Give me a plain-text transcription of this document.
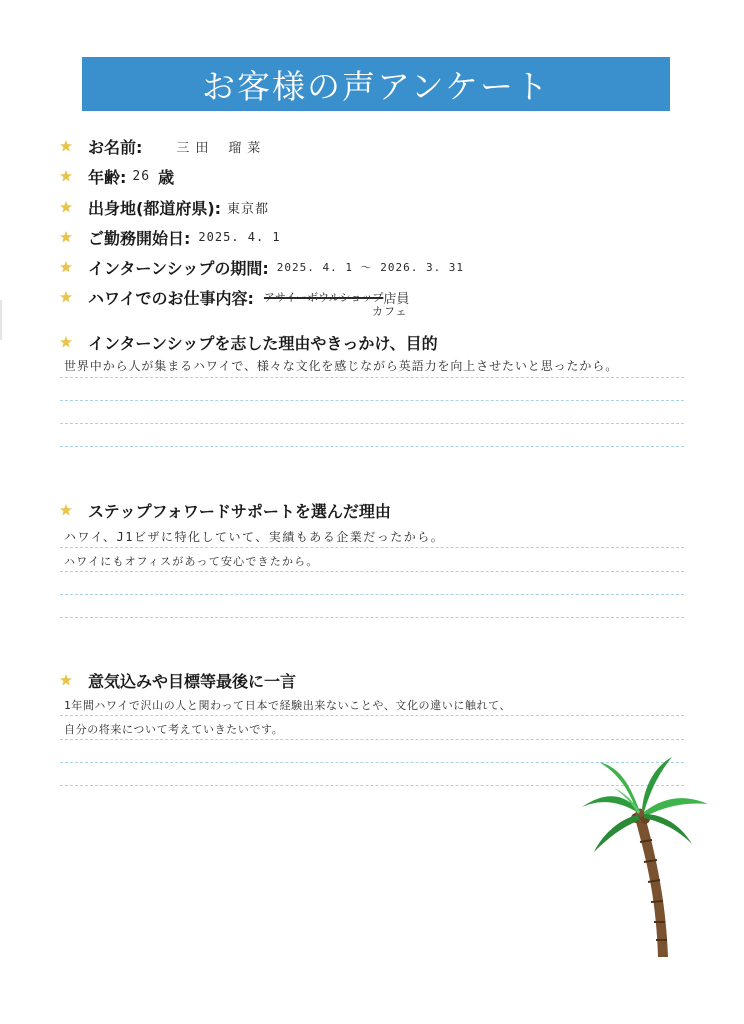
お客様の声アンケート
お名前:	三田 瑠菜
年齢: 26 歳
出身地(都道府県): 東京都
ご勤務開始日: 2025. 4. 1
インターンシップの期間: 2025. 4. 1 〜 2026. 3. 31
ハワイでのお仕事内容: アサイーボウルショップ 店員
カフェ
インターンシップを志した理由やきっかけ、目的
世界中から人が集まるハワイで、様々な文化を感じながら英語力を向上させたいと思ったから。
ステップフォワードサポートを選んだ理由
ハワイ、J1ビザに特化していて、実績もある企業だったから。
ハワイにもオフィスがあって安心できたから。
意気込みや目標等最後に一言
1年間ハワイで沢山の人と関わって日本で経験出来ないことや、文化の違いに触れて、
自分の将来について考えていきたいです。
